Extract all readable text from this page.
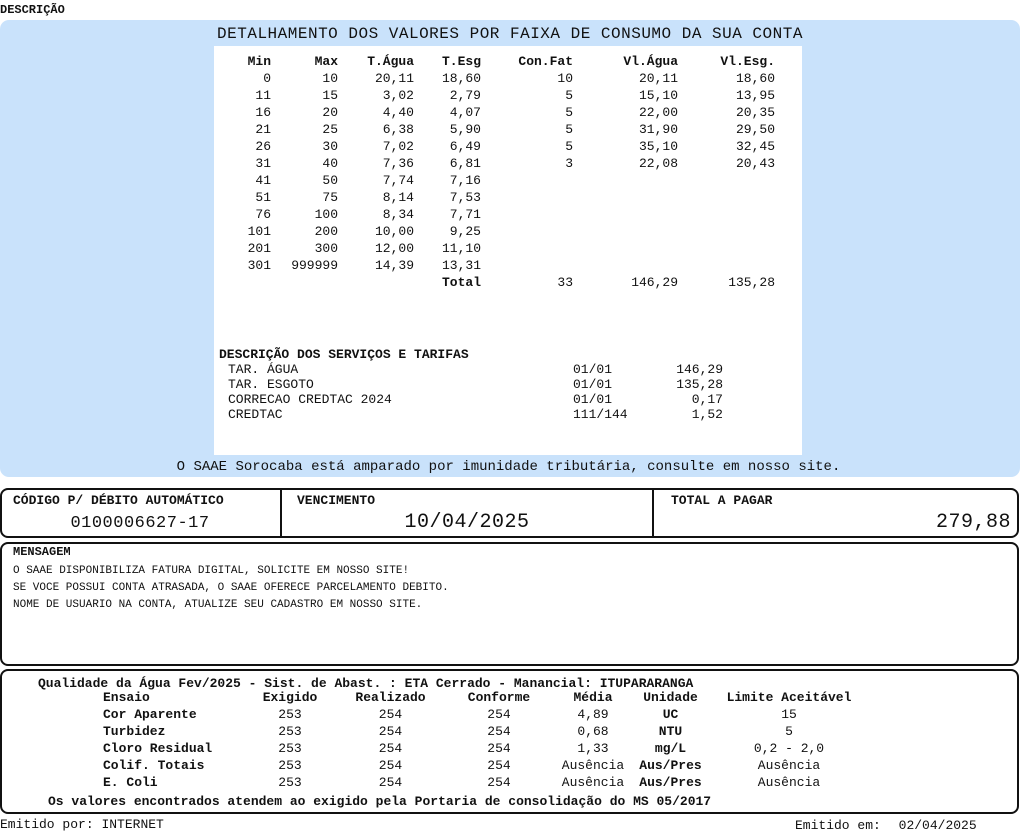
DESCRIÇÃO
DETALHAMENTO DOS VALORES POR FAIXA DE CONSUMO DA SUA CONTA
Min	Max	T.Água	T.Esg	Con.Fat	Vl.Água	Vl.Esg.
0	10	20,11	18,60	10	20,11	18,60
11	15	3,02	2,79	5	15,10	13,95
16	20	4,40	4,07	5	22,00	20,35
21	25	6,38	5,90	5	31,90	29,50
26	30	7,02	6,49	5	35,10	32,45
31	40	7,36	6,81	3	22,08	20,43
41	50	7,74	7,16			
51	75	8,14	7,53			
76	100	8,34	7,71			
101	200	10,00	9,25			
201	300	12,00	11,10			
301	999999	14,39	13,31			
			Total	33	146,29	135,28
DESCRIÇÃO DOS SERVIÇOS E TARIFAS
TAR. ÁGUA	01/01	146,29
TAR. ESGOTO	01/01	135,28
CORRECAO CREDTAC 2024	01/01	0,17
CREDTAC	111/144	1,52
O SAAE Sorocaba está amparado por imunidade tributária, consulte em nosso site.
CÓDIGO P/ DÉBITO AUTOMÁTICO
0100006627-17
VENCIMENTO
10/04/2025
TOTAL A PAGAR
279,88
MENSAGEM
O SAAE DISPONIBILIZA FATURA DIGITAL, SOLICITE EM NOSSO SITE!
SE VOCE POSSUI CONTA ATRASADA, O SAAE OFERECE PARCELAMENTO DEBITO.
NOME DE USUARIO NA CONTA, ATUALIZE SEU CADASTRO EM NOSSO SITE.
Qualidade da Água Fev/2025 - Sist. de Abast. : ETA Cerrado - Manancial: ITUPARARANGA
	Ensaio	Exigido	Realizado	Conforme	Média	Unidade	Limite Aceitável
	Cor Aparente	253	254	254	4,89	UC	15
	Turbidez	253	254	254	0,68	NTU	5
	Cloro Residual	253	254	254	1,33	mg/L	0,2 - 2,0
	Colif. Totais	253	254	254	Ausência	Aus/Pres	Ausência
	E. Coli	253	254	254	Ausência	Aus/Pres	Ausência
Os valores encontrados atendem ao exigido pela Portaria de consolidação do MS 05/2017
Emitido por: INTERNET	Emitido em: 02/04/2025
